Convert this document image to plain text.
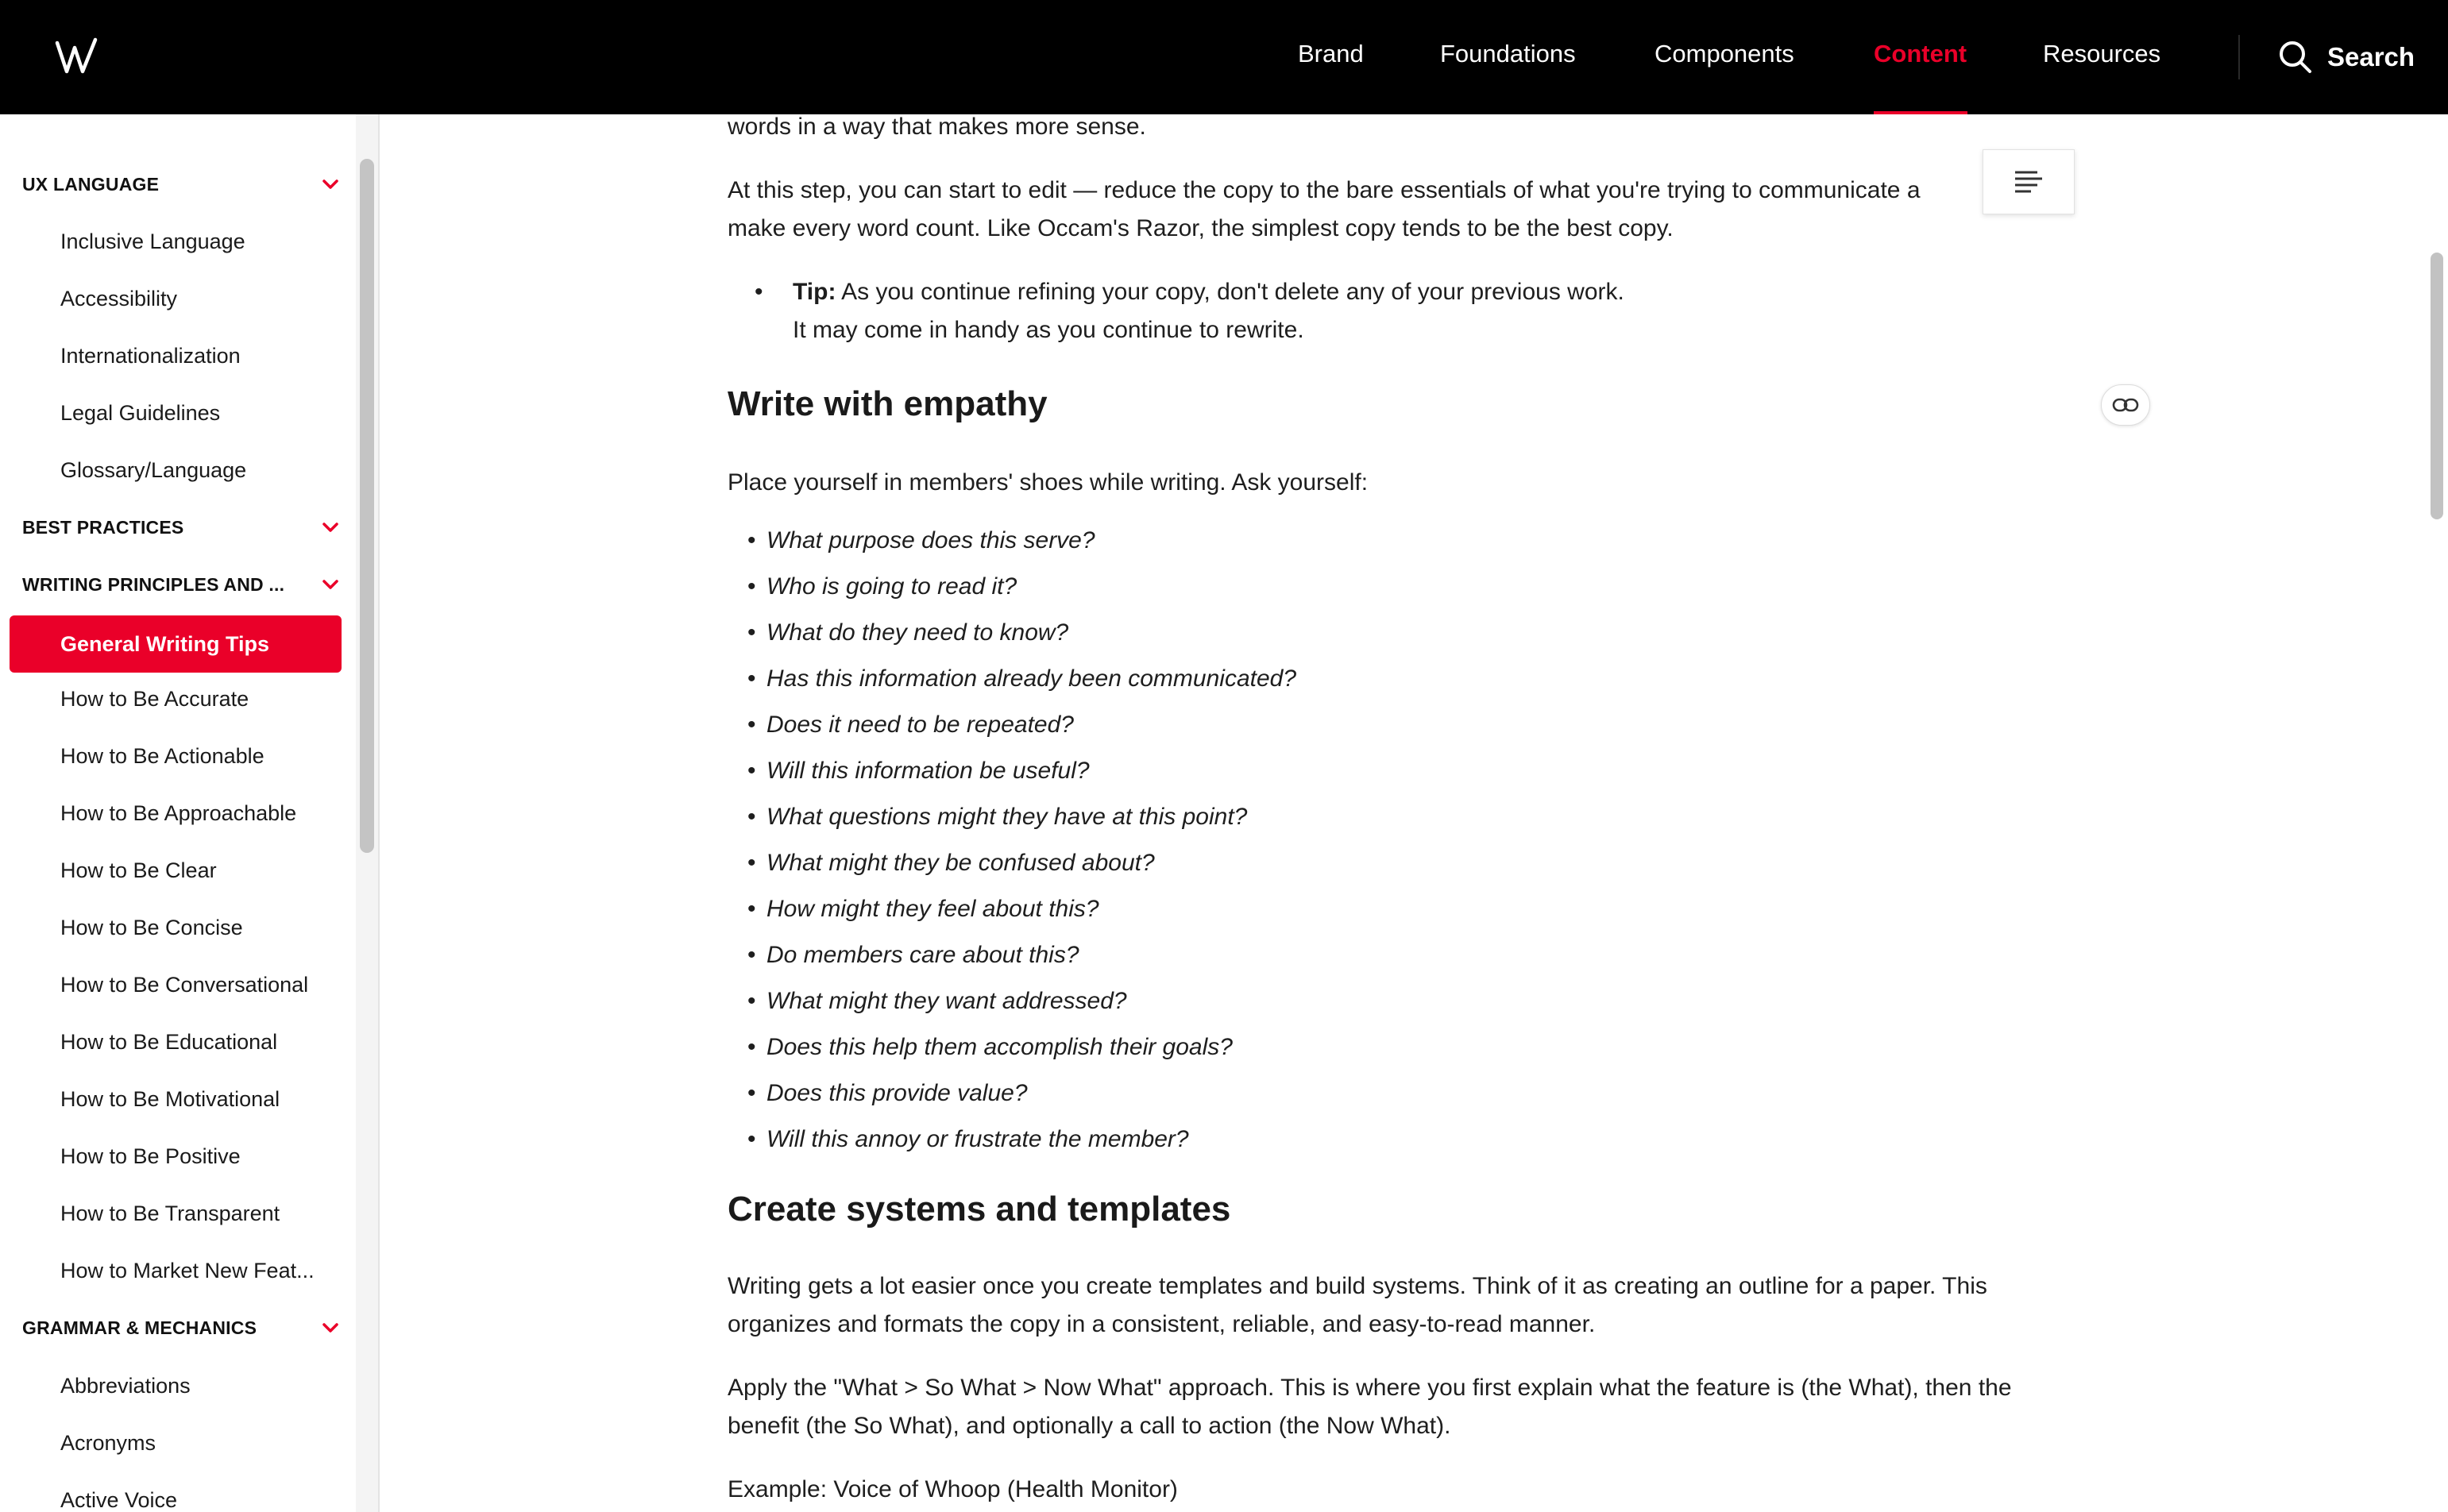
Brand	Foundations	Components	Content	Resources	Search
UX LANGUAGE
Inclusive Language
Accessibility
Internationalization
Legal Guidelines
Glossary/Language
BEST PRACTICES
WRITING PRINCIPLES AND ...
General Writing Tips
How to Be Accurate
How to Be Actionable
How to Be Approachable
How to Be Clear
How to Be Concise
How to Be Conversational
How to Be Educational
How to Be Motivational
How to Be Positive
How to Be Transparent
How to Market New Feat...
GRAMMAR & MECHANICS
Abbreviations
Acronyms
Active Voice
words in a way that makes more sense.
At this step, you can start to edit — reduce the copy to the bare essentials of what you're trying to communicate a
make every word count. Like Occam's Razor, the simplest copy tends to be the best copy.
• Tip: As you continue refining your copy, don't delete any of your previous work. It may come in handy as you continue to rewrite.
Write with empathy
Place yourself in members' shoes while writing. Ask yourself:
• What purpose does this serve?
• Who is going to read it?
• What do they need to know?
• Has this information already been communicated?
• Does it need to be repeated?
• Will this information be useful?
• What questions might they have at this point?
• What might they be confused about?
• How might they feel about this?
• Do members care about this?
• What might they want addressed?
• Does this help them accomplish their goals?
• Does this provide value?
• Will this annoy or frustrate the member?
Create systems and templates
Writing gets a lot easier once you create templates and build systems. Think of it as creating an outline for a paper. This
organizes and formats the copy in a consistent, reliable, and easy-to-read manner.
Apply the "What > So What > Now What" approach. This is where you first explain what the feature is (the What), then the
benefit (the So What), and optionally a call to action (the Now What).
Example: Voice of Whoop (Health Monitor)
